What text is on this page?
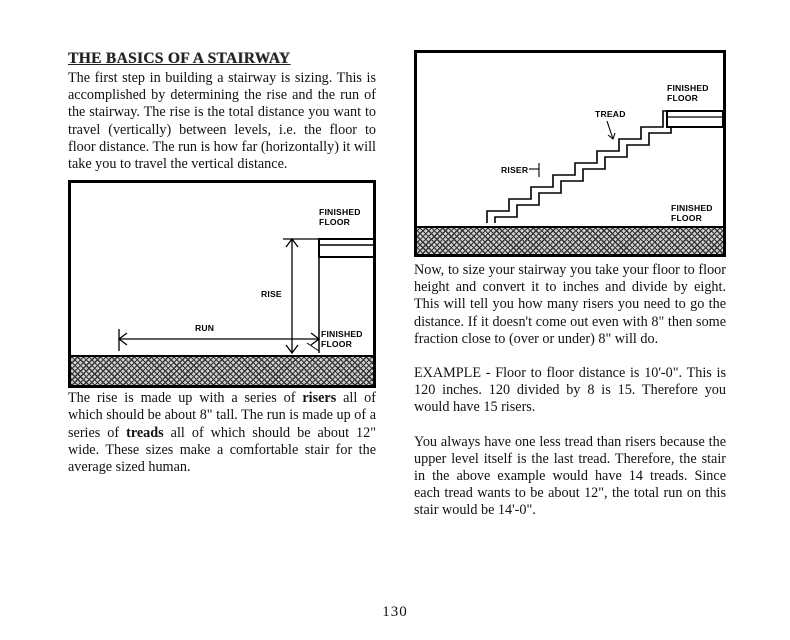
THE BASICS OF A STAIRWAY

The first step in building a stairway is sizing. This is accomplished by determining the rise and the run of the stairway. The rise is the total distance you want to travel (vertically) between levels, i.e. the floor to floor distance. The run is how far (horizontally) it will take you to travel the vertical distance.

FINISHED FLOOR
RISE
RUN
FINISHED FLOOR

The rise is made up with a series of risers all of which should be about 8" tall. The run is made up of a series of treads all of which should be about 12" wide. These sizes make a comfortable stair for the average sized human.

FINISHED FLOOR
TREAD
RISER
FINISHED FLOOR

Now, to size your stairway you take your floor to floor height and convert it to inches and divide by eight. This will tell you how many risers you need to go the distance. If it doesn't come out even with 8" then some fraction close to (over or under) 8" will do.

EXAMPLE - Floor to floor distance is 10'-0". This is 120 inches. 120 divided by 8 is 15. Therefore you would have 15 risers.

You always have one less tread than risers because the upper level itself is the last tread. Therefore, the stair in the above example would have 14 treads. Since each tread wants to be about 12", the total run on this stair would be 14'-0".

130
